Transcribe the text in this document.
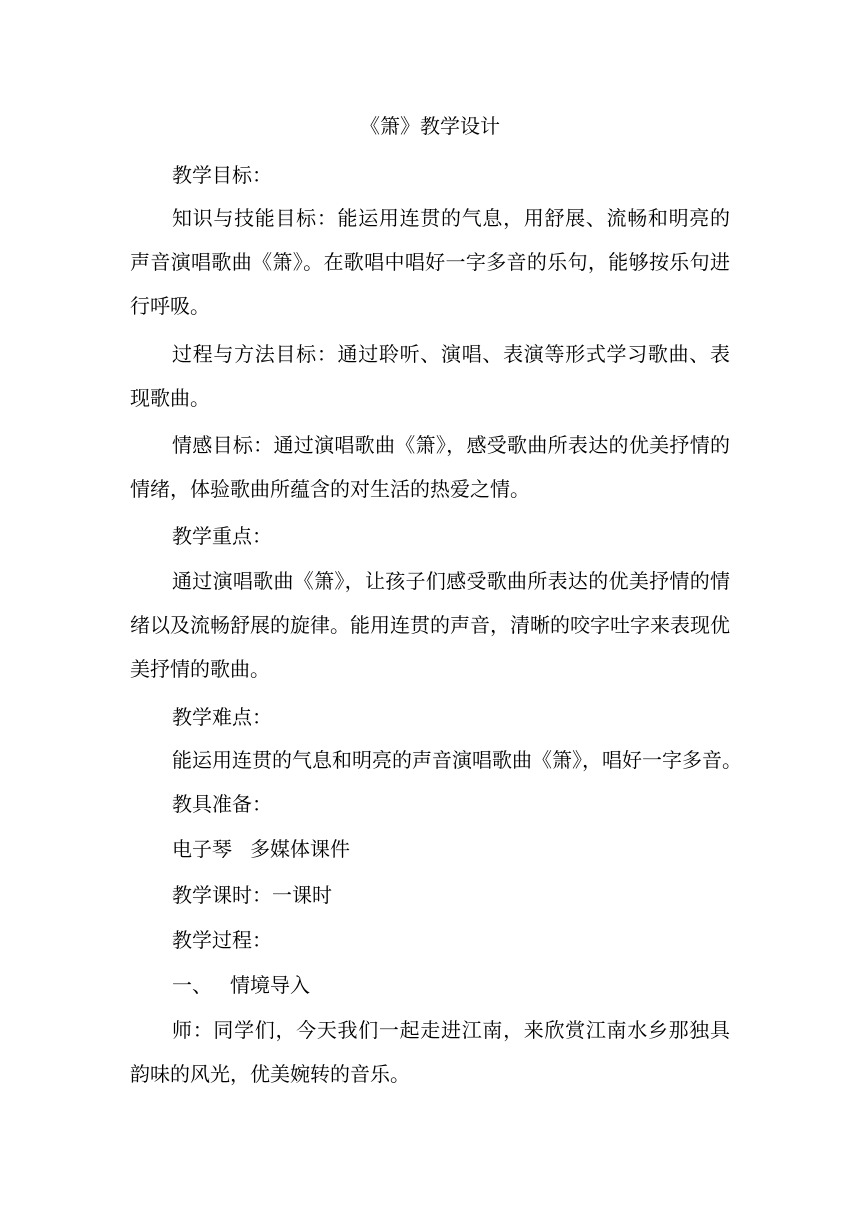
《箫》教学设计

教学目标：

知识与技能目标：能运用连贯的气息，用舒展、流畅和明亮的声音演唱歌曲《箫》。在歌唱中唱好一字多音的乐句，能够按乐句进行呼吸。

过程与方法目标：通过聆听、演唱、表演等形式学习歌曲、表现歌曲。

情感目标：通过演唱歌曲《箫》，感受歌曲所表达的优美抒情的情绪，体验歌曲所蕴含的对生活的热爱之情。

教学重点：

通过演唱歌曲《箫》，让孩子们感受歌曲所表达的优美抒情的情绪以及流畅舒展的旋律。能用连贯的声音，清晰的咬字吐字来表现优美抒情的歌曲。

教学难点：

能运用连贯的气息和明亮的声音演唱歌曲《箫》，唱好一字多音。

教具准备：

电子琴 多媒体课件

教学课时：一课时

教学过程：

一、 情境导入

师：同学们，今天我们一起走进江南，来欣赏江南水乡那独具韵味的风光，优美婉转的音乐。
